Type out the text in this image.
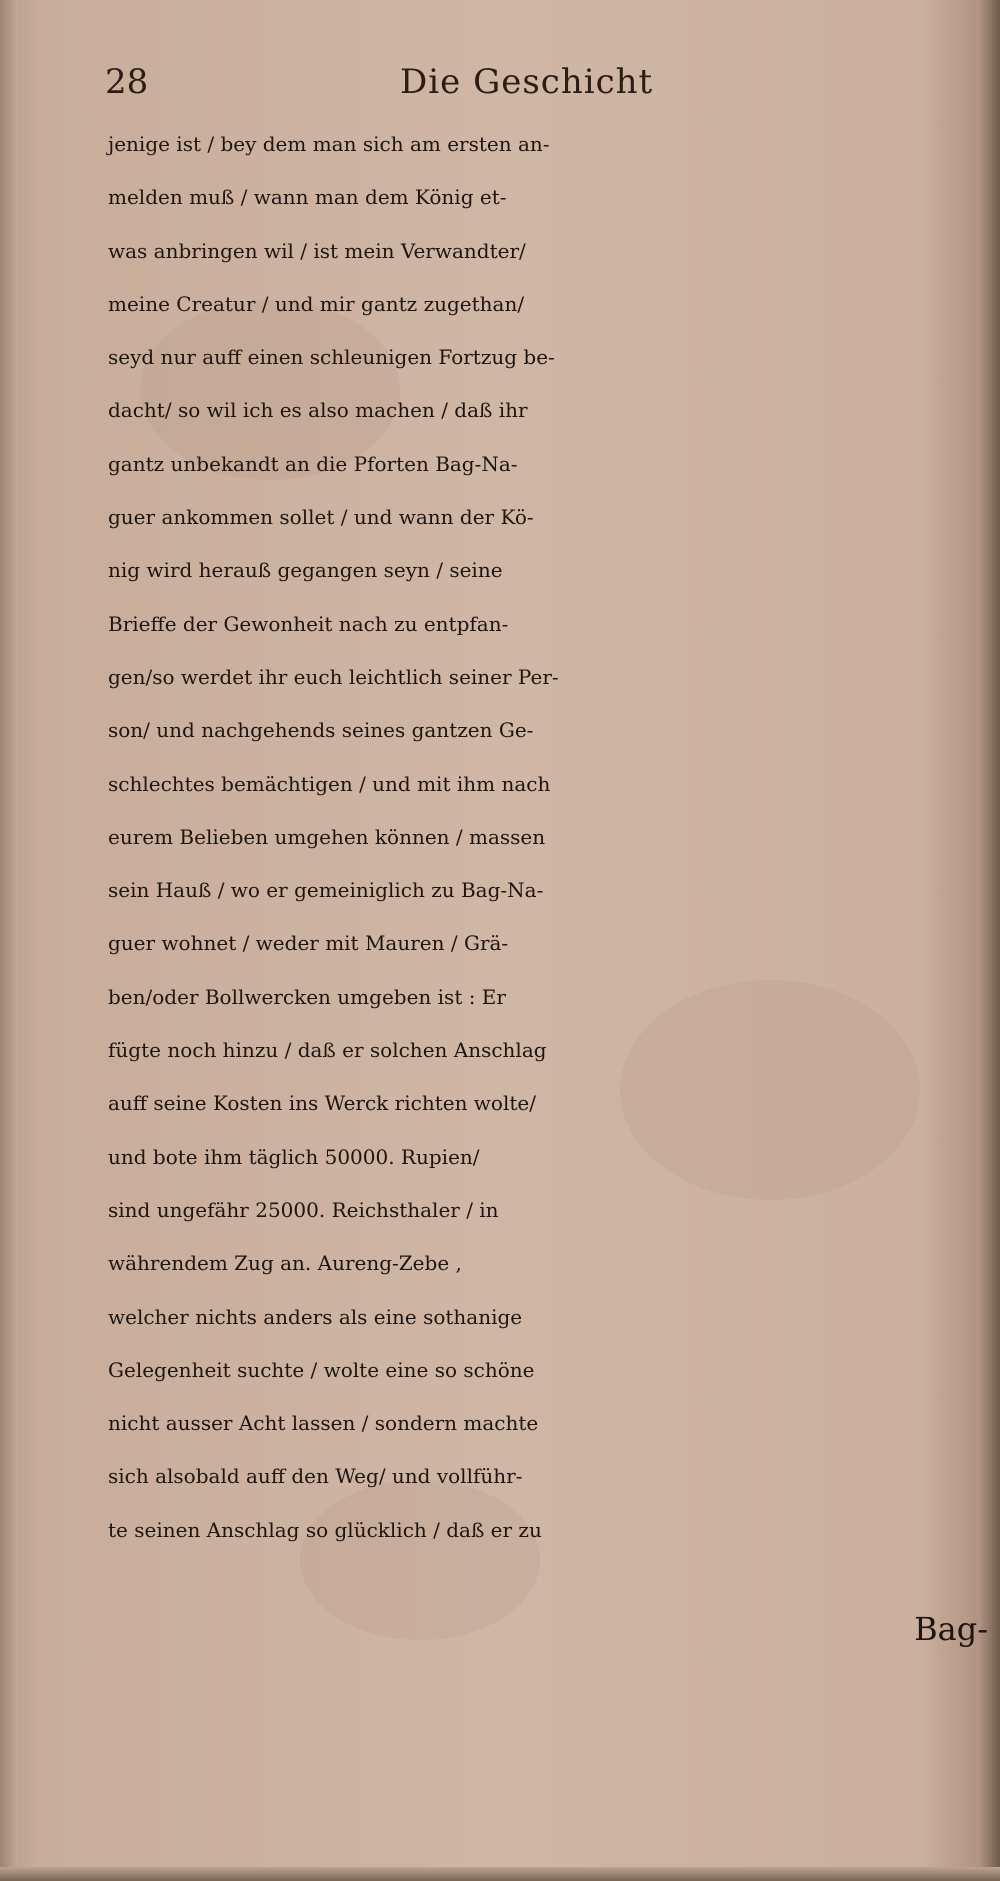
28	Die Geschicht
jenige ist / bey dem man sich am ersten an-
melden muß / wann man dem König et-
was anbringen wil / ist mein Verwandter/
meine Creatur / und mir gantz zugethan/
seyd nur auff einen schleunigen Fortzug be-
dacht/ so wil ich es also machen / daß ihr
gantz unbekandt an die Pforten Bag-Na-
guer ankommen sollet / und wann der Kö-
nig wird herauß gegangen seyn / seine
Brieffe der Gewonheit nach zu entpfan-
gen/so werdet ihr euch leichtlich seiner Per-
son/ und nachgehends seines gantzen Ge-
schlechtes bemächtigen / und mit ihm nach
eurem Belieben umgehen können / massen
sein Hauß / wo er gemeiniglich zu Bag-Na-
guer wohnet / weder mit Mauren / Grä-
ben/oder Bollwercken umgeben ist : Er
fügte noch hinzu / daß er solchen Anschlag
auff seine Kosten ins Werck richten wolte/
und bote ihm täglich 50000. Rupien/
sind ungefähr 25000. Reichsthaler / in
währendem Zug an. Aureng-Zebe ,
welcher nichts anders als eine sothanige
Gelegenheit suchte / wolte eine so schöne
nicht ausser Acht lassen / sondern machte
sich alsobald auff den Weg/ und vollführ-
te seinen Anschlag so glücklich / daß er zu
Bag-
